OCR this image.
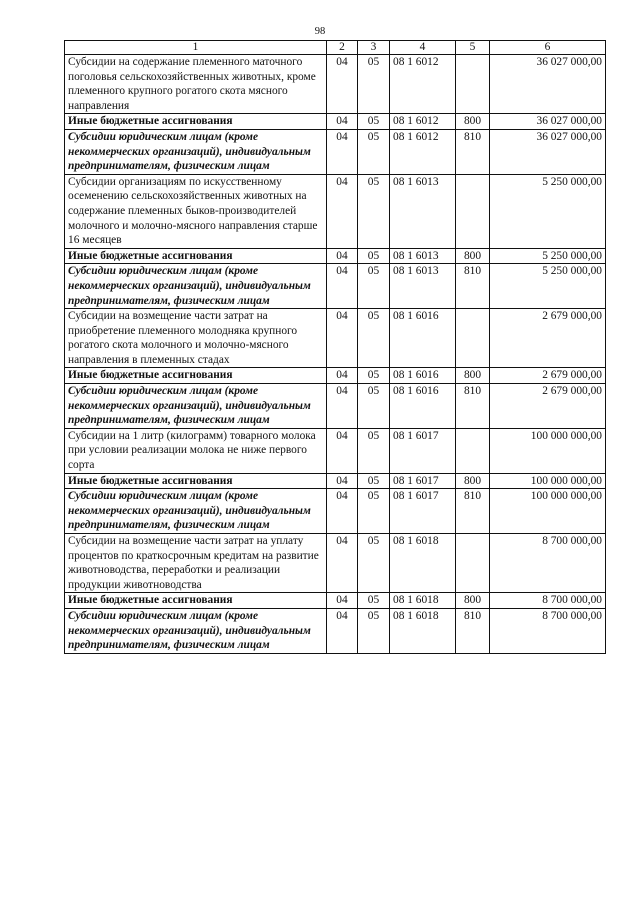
98
1	2	3	4	5	6
Субсидии на содержание племенного маточного поголовья сельскохозяйственных животных, кроме племенного крупного рогатого скота мясного направления	04	05	08 1 6012		36 027 000,00
Иные бюджетные ассигнования	04	05	08 1 6012	800	36 027 000,00
Субсидии юридическим лицам (кроме некоммерческих организаций), индивидуальным предпринимателям, физическим лицам	04	05	08 1 6012	810	36 027 000,00
Субсидии организациям по искусственному осеменению сельскохозяйственных животных на содержание племенных быков-производителей молочного и молочно-мясного направления старше 16 месяцев	04	05	08 1 6013		5 250 000,00
Иные бюджетные ассигнования	04	05	08 1 6013	800	5 250 000,00
Субсидии юридическим лицам (кроме некоммерческих организаций), индивидуальным предпринимателям, физическим лицам	04	05	08 1 6013	810	5 250 000,00
Субсидии на возмещение части затрат на приобретение племенного молодняка крупного рогатого скота молочного и молочно-мясного направления в племенных стадах	04	05	08 1 6016		2 679 000,00
Иные бюджетные ассигнования	04	05	08 1 6016	800	2 679 000,00
Субсидии юридическим лицам (кроме некоммерческих организаций), индивидуальным предпринимателям, физическим лицам	04	05	08 1 6016	810	2 679 000,00
Субсидии на 1 литр (килограмм) товарного молока при условии реализации молока не ниже первого сорта	04	05	08 1 6017		100 000 000,00
Иные бюджетные ассигнования	04	05	08 1 6017	800	100 000 000,00
Субсидии юридическим лицам (кроме некоммерческих организаций), индивидуальным предпринимателям, физическим лицам	04	05	08 1 6017	810	100 000 000,00
Субсидии на возмещение части затрат на уплату процентов по краткосрочным кредитам на развитие животноводства, переработки и реализации продукции животноводства	04	05	08 1 6018		8 700 000,00
Иные бюджетные ассигнования	04	05	08 1 6018	800	8 700 000,00
Субсидии юридическим лицам (кроме некоммерческих организаций), индивидуальным предпринимателям, физическим лицам	04	05	08 1 6018	810	8 700 000,00
